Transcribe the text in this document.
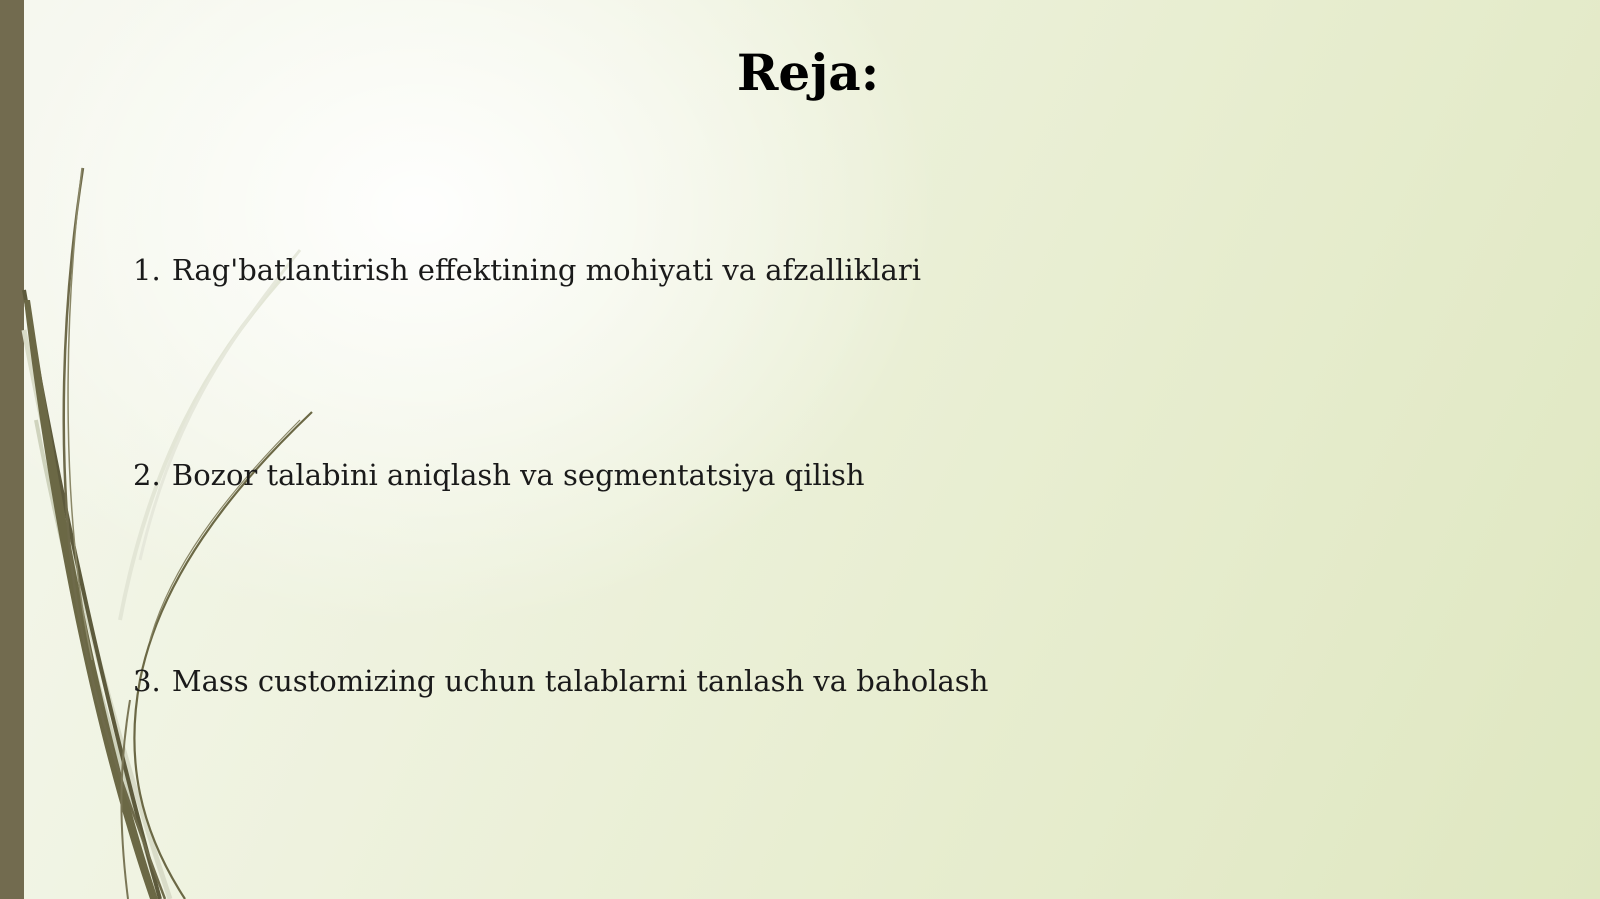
Reja:
1. Rag'batlantirish effektining mohiyati va afzalliklari
2. Bozor talabini aniqlash va segmentatsiya qilish
3. Mass customizing uchun talablarni tanlash va baholash
